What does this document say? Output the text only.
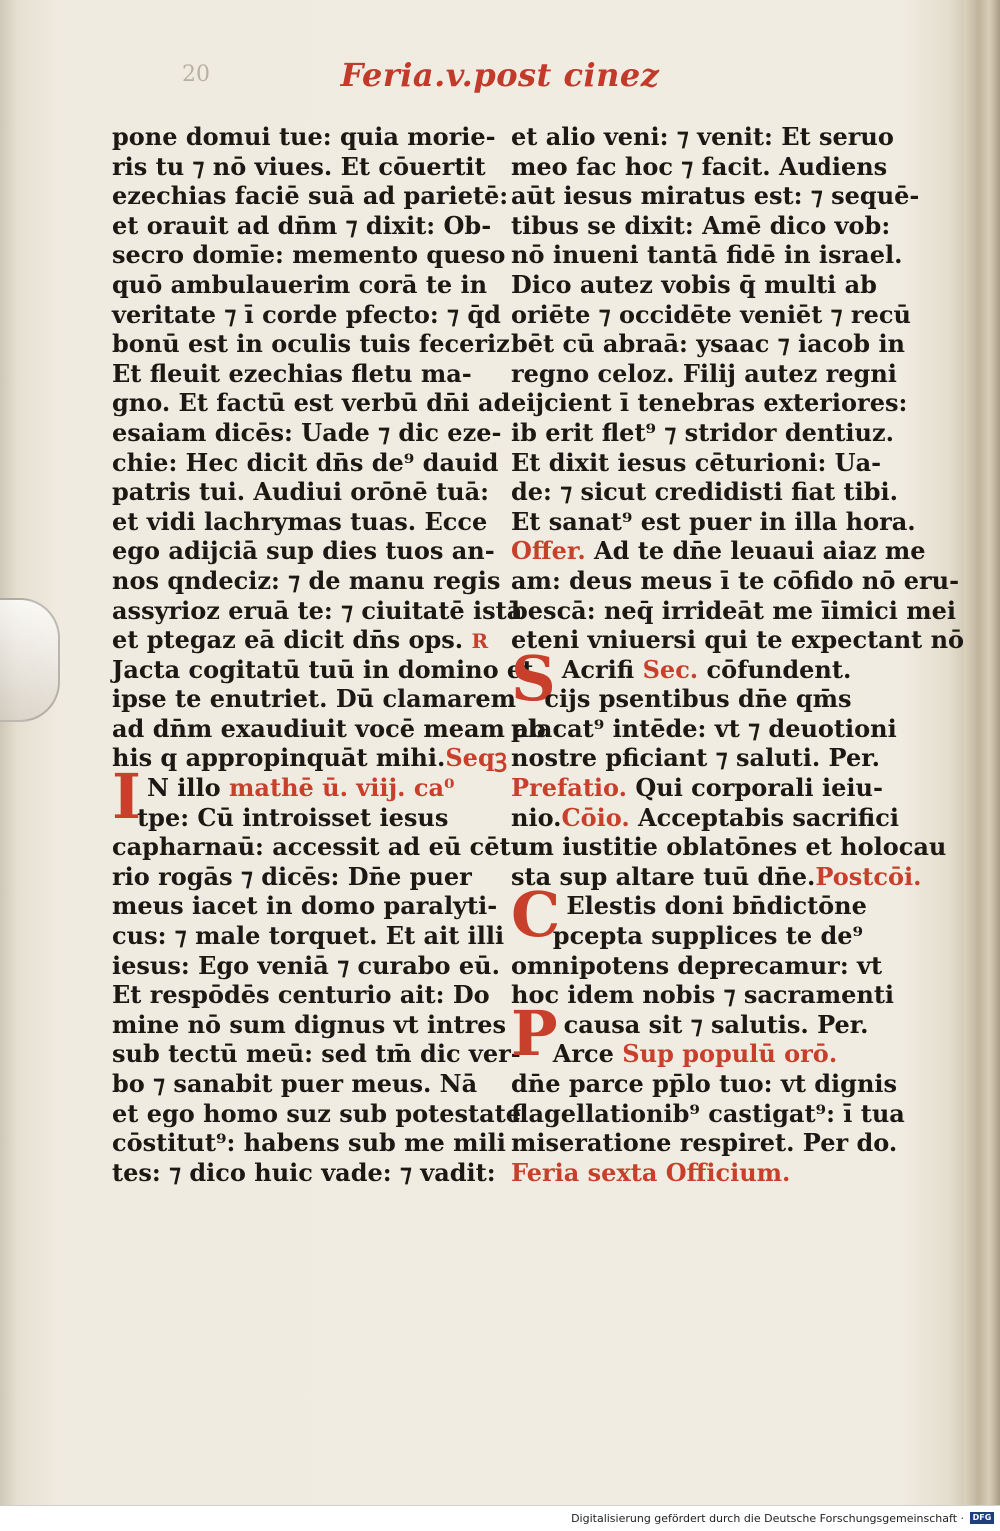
20	Feria.v.post cinez
pone domui tue: quia morie-
ris tu ⁊ nō viues. Et cōuertit
ezechias faciē suā ad parietē:
et orauit ad dn̄m ⁊ dixit: Ob-
secro domīe: memento queso
quō ambulauerim corā te in
veritate ⁊ ī corde pfecto: ⁊ q̄d
bonū est in oculis tuis feceriz
Et fleuit ezechias fletu ma-
gno. Et factū est verbū dn̄i ad
esaiam dicēs: Uade ⁊ dic eze-
chie: Hec dicit dn̄s de⁹ dauid
patris tui. Audiui orōnē tuā:
et vidi lachrymas tuas. Ecce
ego adijciā sup dies tuos an-
nos qndeciz: ⁊ de manu regis
assyrioz eruā te: ⁊ ciuitatē istā
et ptegaz eā dicit dn̄s ops. R
Jacta cogitatū tuū in domino et
ipse te enutriet. Dū clamarem
ad dn̄m exaudiuit vocē meam ab
his q appropinquāt mihi.Seqꝫ
I N illo mathē ū. viij. ca⁰
tpe: Cū introisset iesus
capharnaū: accessit ad eū cētu
rio rogās ⁊ dicēs: Dn̄e puer
meus iacet in domo paralyti-
cus: ⁊ male torquet. Et ait illi
iesus: Ego veniā ⁊ curabo eū.
Et respōdēs centurio ait: Do
mine nō sum dignus vt intres
sub tectū meū: sed tm̄ dic ver-
bo ⁊ sanabit puer meus. Nā
et ego homo suz sub potestate
cōstitut⁹: habens sub me mili
tes: ⁊ dico huic vade: ⁊ vadit:
et alio veni: ⁊ venit: Et seruo
meo fac hoc ⁊ facit. Audiens
aūt iesus miratus est: ⁊ sequē-
tibus se dixit: Amē dico vob:
nō inueni tantā fidē in israel.
Dico autez vobis q̄ multi ab
oriēte ⁊ occidēte veniēt ⁊ recū
bēt cū abraā: ysaac ⁊ iacob in
regno celoz. Filij autez regni
eijcient ī tenebras exteriores:
ib erit flet⁹ ⁊ stridor dentiuz.
Et dixit iesus cēturioni: Ua-
de: ⁊ sicut credidisti fiat tibi.
Et sanat⁹ est puer in illa hora.
Offer. Ad te dn̄e leuaui aiaz me
am: deus meus ī te cōfido nō eru-
bescā: neq̄ irrideāt me īimici mei
eteni vniuersi qui te expectant nō
S Acrifi Sec. cōfundent.
cijs psentibus dn̄e qm̄s
placat⁹ intēde: vt ⁊ deuotioni
nostre pficiant ⁊ saluti. Per.
Prefatio. Qui corporali ieiu-
nio.Cōio. Acceptabis sacrifici
um iustitie oblatōnes et holocau
sta sup altare tuū dn̄e.Postcōi.
C Elestis doni bn̄dictōne
pcepta supplices te de⁹
omnipotens deprecamur: vt
hoc idem nobis ⁊ sacramenti
Pcausa sit ⁊ salutis. Per.
Arce Sup populū orō.
dn̄e parce pp̄lo tuo: vt dignis
flagellationib⁹ castigat⁹: ī tua
miseratione respiret. Per do.
Feria sexta Officium.
Digitalisierung gefördert durch die Deutsche Forschungsgemeinschaft ·	DFG
